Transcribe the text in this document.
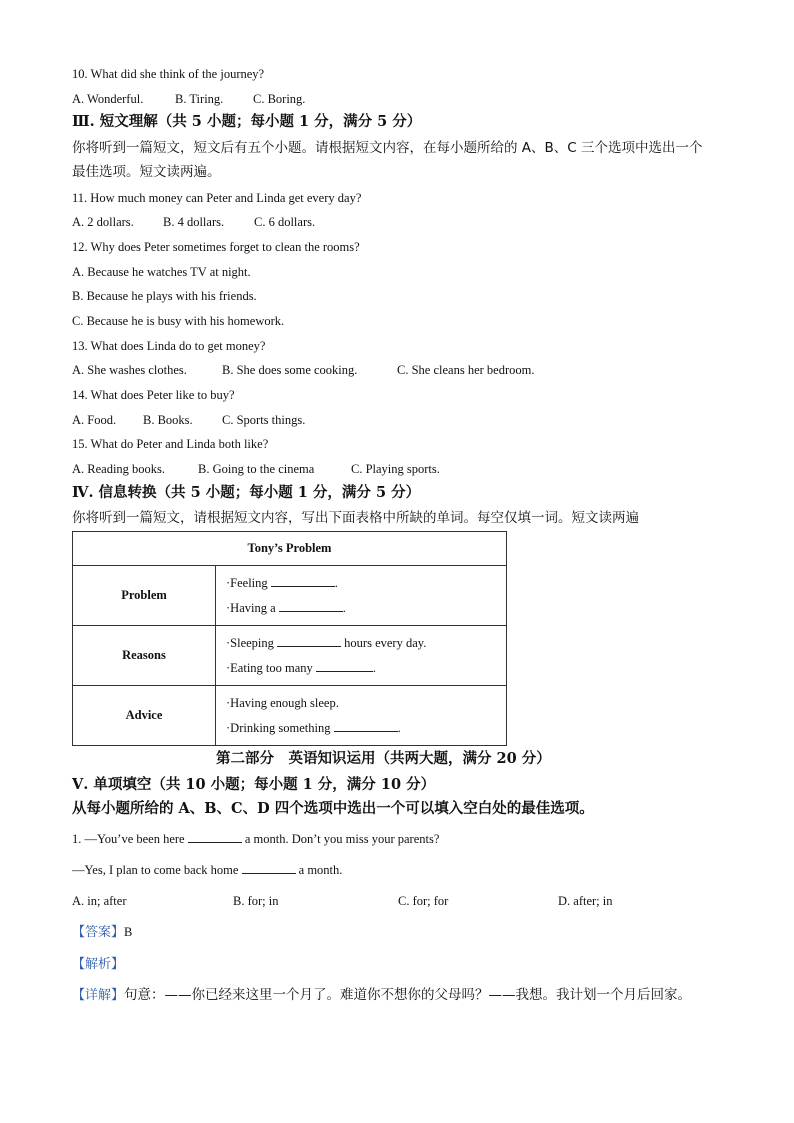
10. What did she think of the journey?
A. Wonderful.	B. Tiring. C. Boring.
Ⅲ. 短文理解（共 5 小题；每小题 1 分，满分 5 分）
你将听到一篇短文，短文后有五个小题。请根据短文内容，在每小题所给的 A、B、C 三个选项中选出一个
最佳选项。短文读两遍。
11. How much money can Peter and Linda get every day?
A. 2 dollars. B. 4 dollars. C. 6 dollars.
12. Why does Peter sometimes forget to clean the rooms?
A. Because he watches TV at night.
B. Because he plays with his friends.
C. Because he is busy with his homework.
13. What does Linda do to get money?
A. She washes clothes.	B. She does some cooking.	C. She cleans her bedroom.
14. What does Peter like to buy?
A. Food. B. Books. C. Sports things.
15. What do Peter and Linda both like?
A. Reading books.	B. Going to the cinema	C. Playing sports.
Ⅳ. 信息转换（共 5 小题；每小题 1 分，满分 5 分）
你将听到一篇短文，请根据短文内容，写出下面表格中所缺的单词。每空仅填一词。短文读两遍
Tony’s Problem	
Problem	·Feeling .
·Having a .

Reasons	·Sleeping hours every day.
·Eating too many .

Advice	·Having enough sleep.
·Drinking something .
第二部分　英语知识运用（共两大题，满分 20 分）
Ⅴ. 单项填空（共 10 小题；每小题 1 分，满分 10 分）
从每小题所给的 A、B、C、D 四个选项中选出一个可以填入空白处的最佳选项。
1. —You’ve been here	a month. Don’t you miss your parents?
—Yes, I plan to come back home	a month.
A. in; after	B. for; in	C. for; for	D. after; in
【答案】B
【解析】
【详解】句意：——你已经来这里一个月了。难道你不想你的父母吗？——我想。我计划一个月后回家。
